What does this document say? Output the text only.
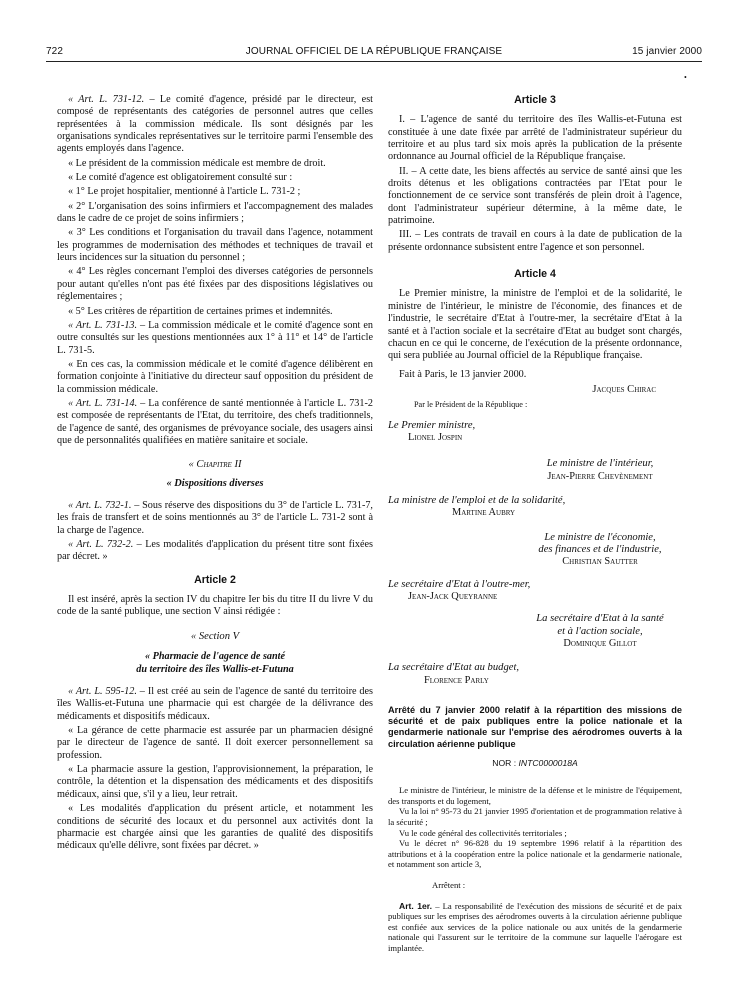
722	JOURNAL OFFICIEL DE LA RÉPUBLIQUE FRANÇAISE	15 janvier 2000
•

« Art. L. 731-12. – Le comité d'agence, présidé par le directeur, est composé de représentants des catégories de personnel autres que celles représentées à la commission médicale. Ils sont désignés par les organisations syndicales représentatives sur le territoire parmi l'ensemble des agents employés dans l'agence.

« Le président de la commission médicale est membre de droit.

« Le comité d'agence est obligatoirement consulté sur :

« 1° Le projet hospitalier, mentionné à l'article L. 731-2 ;

« 2° L'organisation des soins infirmiers et l'accompagnement des malades dans le cadre de ce projet de soins infirmiers ;

« 3° Les conditions et l'organisation du travail dans l'agence, notamment les programmes de modernisation des méthodes et techniques de travail et leurs incidences sur la situation du personnel ;

« 4° Les règles concernant l'emploi des diverses catégories de personnels pour autant qu'elles n'ont pas été fixées par des dispositions législatives ou réglementaires ;

« 5° Les critères de répartition de certaines primes et indemnités.

« Art. L. 731-13. – La commission médicale et le comité d'agence sont en outre consultés sur les questions mentionnées aux 1° à 11° et 14° de l'article L. 731-5.

« En ces cas, la commission médicale et le comité d'agence délibèrent en formation conjointe à l'initiative du directeur sauf opposition du président de la commission médicale.

« Art. L. 731-14. – La conférence de santé mentionnée à l'article L. 731-2 est composée de représentants de l'Etat, du territoire, des chefs traditionnels, de l'agence de santé, des organismes de prévoyance sociale, des usagers ainsi que de personnalités qualifiées en matière sanitaire et sociale.

« Chapitre II
« Dispositions diverses

« Art. L. 732-1. – Sous réserve des dispositions du 3° de l'article L. 731-7, les frais de transfert et de soins mentionnés au 3° de l'article L. 731-2 sont à la charge de l'agence.

« Art. L. 732-2. – Les modalités d'application du présent titre sont fixées par décret. »

Article 2

Il est inséré, après la section IV du chapitre Ier bis du titre II du livre V du code de la santé publique, une section V ainsi rédigée :

« Section V
« Pharmacie de l'agence de santé
du territoire des îles Wallis-et-Futuna

« Art. L. 595-12. – Il est créé au sein de l'agence de santé du territoire des îles Wallis-et-Futuna une pharmacie qui est chargée de la délivrance des médicaments et dispositifs médicaux.

« La gérance de cette pharmacie est assurée par un pharmacien désigné par le directeur de l'agence de santé. Il doit exercer personnellement sa profession.

« La pharmacie assure la gestion, l'approvisionnement, la préparation, le contrôle, la détention et la dispensation des médicaments et des dispositifs médicaux, ainsi que, s'il y a lieu, leur retrait.

« Les modalités d'application du présent article, et notamment les conditions de sécurité des locaux et du personnel aux activités dont la pharmacie est chargée ainsi que les garanties de qualité des dispositifs médicaux qu'elle délivre, sont fixées par décret. »

Article 3

I. – L'agence de santé du territoire des îles Wallis-et-Futuna est constituée à une date fixée par arrêté de l'administrateur supérieur du territoire et au plus tard six mois après la publication de la présente ordonnance au Journal officiel de la République française.

II. – A cette date, les biens affectés au service de santé ainsi que les droits détenus et les obligations contractées par l'Etat pour le fonctionnement de ce service sont transférés de plein droit à l'agence, dont l'administrateur supérieur détermine, à la même date, le patrimoine.

III. – Les contrats de travail en cours à la date de publication de la présente ordonnance subsistent entre l'agence et son personnel.

Article 4

Le Premier ministre, la ministre de l'emploi et de la solidarité, le ministre de l'intérieur, le ministre de l'économie, des finances et de l'industrie, le secrétaire d'Etat à l'outre-mer, la secrétaire d'Etat à la santé et à l'action sociale et la secrétaire d'Etat au budget sont chargés, chacun en ce qui le concerne, de l'exécution de la présente ordonnance, qui sera publiée au Journal officiel de la République française.

Fait à Paris, le 13 janvier 2000.

Jacques Chirac
Par le Président de la République :
Le Premier ministre,
Lionel Jospin
Le ministre de l'intérieur,
Jean-Pierre Chevènement
La ministre de l'emploi et de la solidarité,
Martine Aubry
Le ministre de l'économie,
des finances et de l'industrie,
Christian Sautter
Le secrétaire d'Etat à l'outre-mer,
Jean-Jack Queyranne
La secrétaire d'Etat à la santé
et à l'action sociale,
Dominique Gillot
La secrétaire d'Etat au budget,
Florence Parly
Arrêté du 7 janvier 2000 relatif à la répartition des missions de sécurité et de paix publiques entre la police nationale et la gendarmerie nationale sur l'emprise des aérodromes ouverts à la circulation aérienne publique
NOR : INTC0000018A

Le ministre de l'intérieur, le ministre de la défense et le ministre de l'équipement, des transports et du logement,

Vu la loi n° 95-73 du 21 janvier 1995 d'orientation et de programmation relative à la sécurité ;

Vu le code général des collectivités territoriales ;

Vu le décret n° 96-828 du 19 septembre 1996 relatif à la répartition des attributions et à la coopération entre la police nationale et la gendarmerie nationale, et notamment son article 3,

Arrêtent :

Art. 1er. – La responsabilité de l'exécution des missions de sécurité et de paix publiques sur les emprises des aérodromes ouverts à la circulation aérienne publique est confiée aux services de la police nationale ou aux unités de la gendarmerie nationale qui l'assurent sur le territoire de la commune sur laquelle l'aérogare est implantée.
